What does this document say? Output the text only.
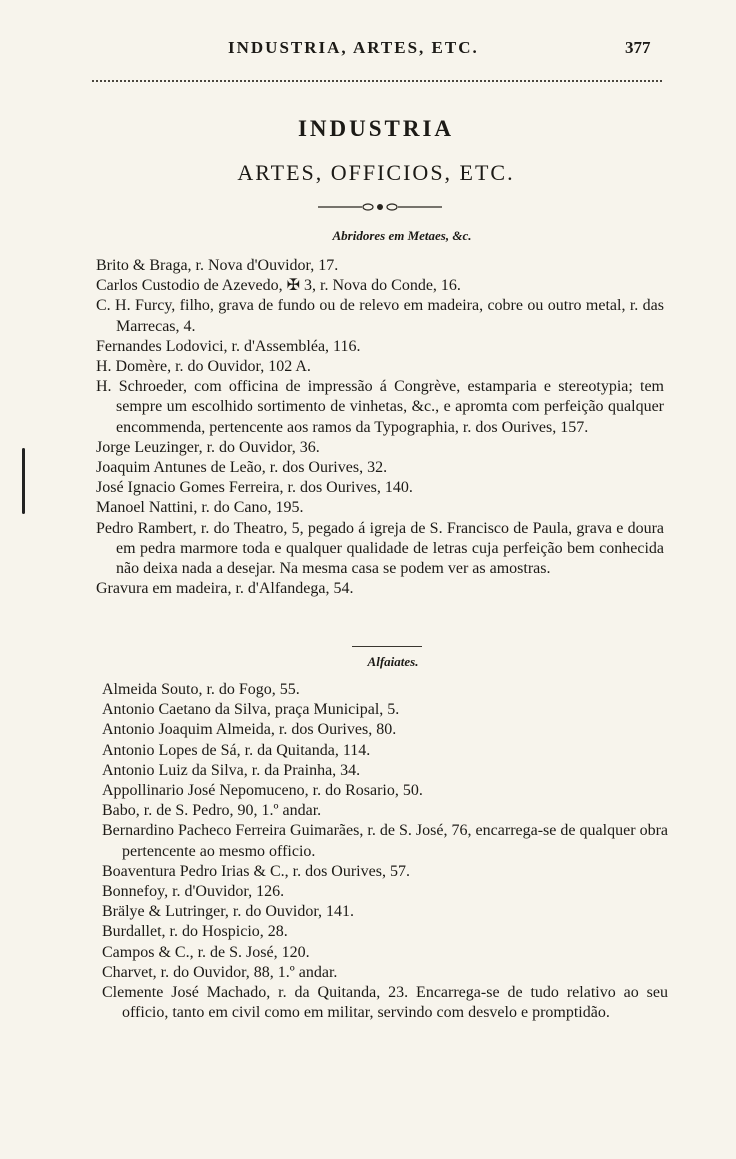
INDUSTRIA, ARTES, ETC.	377
INDUSTRIA
ARTES, OFFICIOS, ETC.
Abridores em Metaes, &c.

Brito & Braga, r. Nova d'Ouvidor, 17.

Carlos Custodio de Azevedo, ✠ 3, r. Nova do Conde, 16.

C. H. Furcy, filho, grava de fundo ou de relevo em madeira, cobre ou outro metal, r. das Marrecas, 4.

Fernandes Lodovici, r. d'Assembléa, 116.

H. Domère, r. do Ouvidor, 102 A.

H. Schroeder, com officina de impressão á Congrève, estamparia e stereotypia; tem sempre um escolhido sortimento de vinhetas, &c., e apromta com perfeição qualquer encommenda, pertencente aos ramos da Typographia, r. dos Ourives, 157.

Jorge Leuzinger, r. do Ouvidor, 36.

Joaquim Antunes de Leão, r. dos Ourives, 32.

José Ignacio Gomes Ferreira, r. dos Ourives, 140.

Manoel Nattini, r. do Cano, 195.

Pedro Rambert, r. do Theatro, 5, pegado á igreja de S. Francisco de Paula, grava e doura em pedra marmore toda e qualquer qualidade de letras cuja perfeição bem conhecida não deixa nada a desejar. Na mesma casa se podem ver as amostras.

Gravura em madeira, r. d'Alfandega, 54.

Alfaiates.

Almeida Souto, r. do Fogo, 55.

Antonio Caetano da Silva, praça Municipal, 5.

Antonio Joaquim Almeida, r. dos Ourives, 80.

Antonio Lopes de Sá, r. da Quitanda, 114.

Antonio Luiz da Silva, r. da Prainha, 34.

Appollinario José Nepomuceno, r. do Rosario, 50.

Babo, r. de S. Pedro, 90, 1.º andar.

Bernardino Pacheco Ferreira Guimarães, r. de S. José, 76, encarrega-se de qualquer obra pertencente ao mesmo officio.

Boaventura Pedro Irias & C., r. dos Ourives, 57.

Bonnefoy, r. d'Ouvidor, 126.

Brälye & Lutringer, r. do Ouvidor, 141.

Burdallet, r. do Hospicio, 28.

Campos & C., r. de S. José, 120.

Charvet, r. do Ouvidor, 88, 1.º andar.

Clemente José Machado, r. da Quitanda, 23. Encarrega-se de tudo relativo ao seu officio, tanto em civil como em militar, servindo com desvelo e promptidão.
